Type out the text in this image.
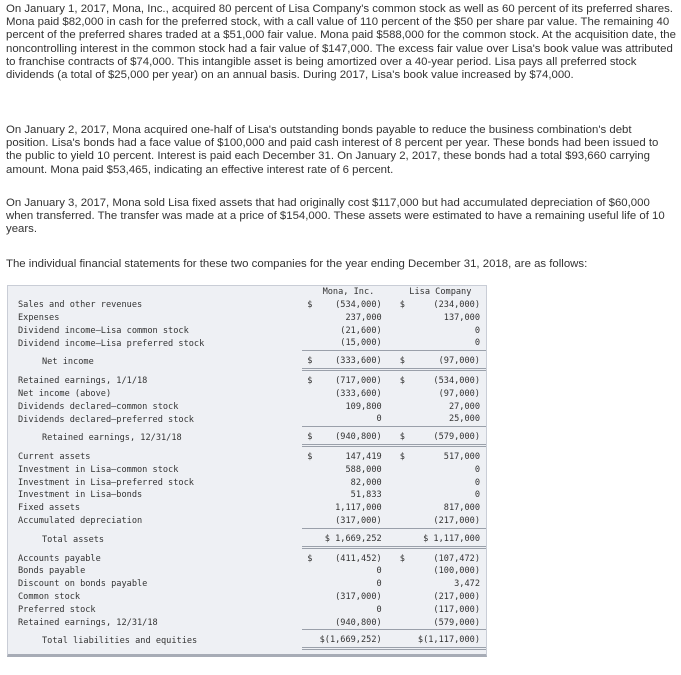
On January 1, 2017, Mona, Inc., acquired 80 percent of Lisa Company's common stock as well as 60 percent of its preferred shares. Mona paid $82,000 in cash for the preferred stock, with a call value of 110 percent of the $50 per share par value. The remaining 40 percent of the preferred shares traded at a $51,000 fair value. Mona paid $588,000 for the common stock. At the acquisition date, the noncontrolling interest in the common stock had a fair value of $147,000. The excess fair value over Lisa's book value was attributed to franchise contracts of $74,000. This intangible asset is being amortized over a 40-year period. Lisa pays all preferred stock dividends (a total of $25,000 per year) on an annual basis. During 2017, Lisa's book value increased by $74,000.

On January 2, 2017, Mona acquired one-half of Lisa's outstanding bonds payable to reduce the business combination's debt position. Lisa's bonds had a face value of $100,000 and paid cash interest of 8 percent per year. These bonds had been issued to the public to yield 10 percent. Interest is paid each December 31. On January 2, 2017, these bonds had a total $93,660 carrying amount. Mona paid $53,465, indicating an effective interest rate of 6 percent.

On January 3, 2017, Mona sold Lisa fixed assets that had originally cost $117,000 but had accumulated depreciation of $60,000 when transferred. The transfer was made at a price of $154,000. These assets were estimated to have a remaining useful life of 10 years.

The individual financial statements for these two companies for the year ending December 31, 2018, are as follows:

	Mona, Inc.	Lisa Company

Sales and other revenues	$ (534,000)	$ (234,000)

Expenses	237,000	137,000

Dividend income—Lisa common stock	(21,600)	0

Dividend income—Lisa preferred stock	(15,000)	0

Net income	$ (333,600)	$ (97,000)

Retained earnings, 1/1/18	$ (717,000)	$ (534,000)

Net income (above)	(333,600)	(97,000)

Dividends declared—common stock	109,800	27,000

Dividends declared—preferred stock	0	25,000

Retained earnings, 12/31/18	$ (940,800)	$ (579,000)

Current assets	$ 147,419	$ 517,000

Investment in Lisa—common stock	588,000	0

Investment in Lisa—preferred stock	82,000	0

Investment in Lisa—bonds	51,833	0

Fixed assets	1,117,000	817,000

Accumulated depreciation	(317,000)	(217,000)

Total assets	$ 1,669,252	$ 1,117,000

Accounts payable	$ (411,452)	$ (107,472)

Bonds payable	0	(100,000)

Discount on bonds payable	0	3,472

Common stock	(317,000)	(217,000)

Preferred stock	0	(117,000)

Retained earnings, 12/31/18	(940,800)	(579,000)

Total liabilities and equities	$(1,669,252)	$(1,117,000)
